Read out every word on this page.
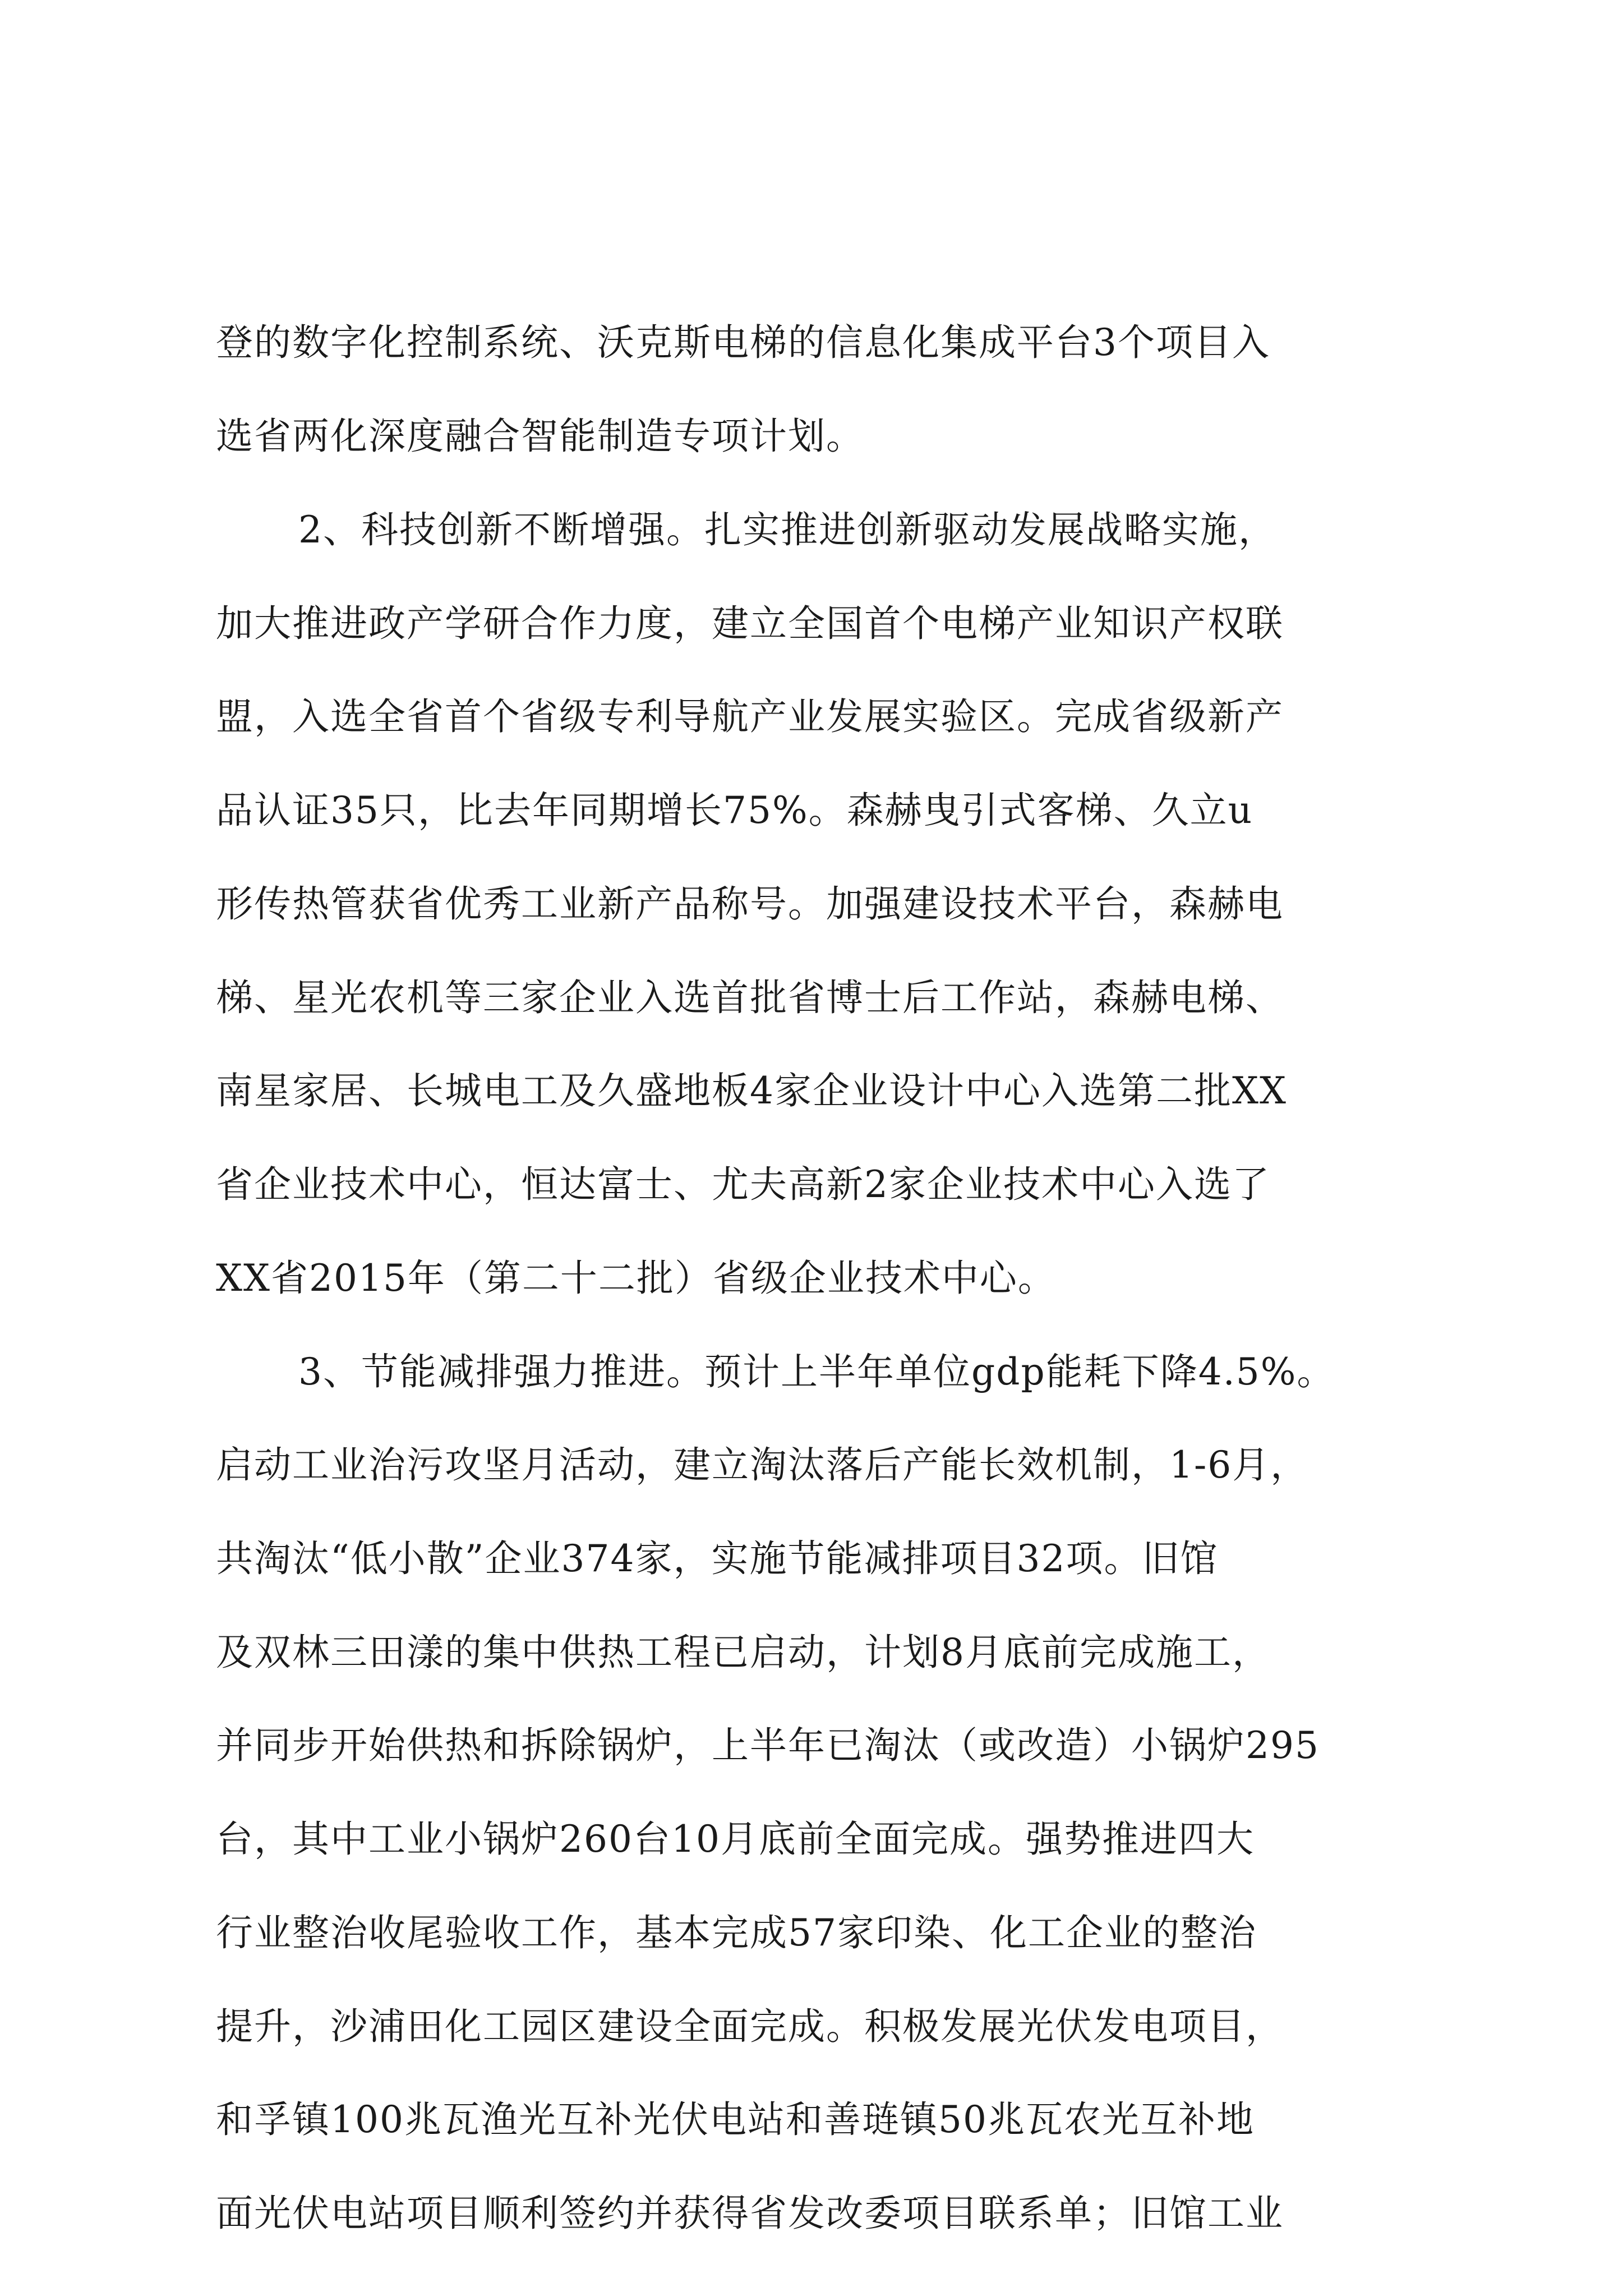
登的数字化控制系统、沃克斯电梯的信息化集成平台3个项目入
选省两化深度融合智能制造专项计划。
2、科技创新不断增强。扎实推进创新驱动发展战略实施，
加大推进政产学研合作力度，建立全国首个电梯产业知识产权联
盟，入选全省首个省级专利导航产业发展实验区。完成省级新产
品认证35只，比去年同期增长75%。森赫曳引式客梯、久立u
形传热管获省优秀工业新产品称号。加强建设技术平台，森赫电
梯、星光农机等三家企业入选首批省博士后工作站，森赫电梯、
南星家居、长城电工及久盛地板4家企业设计中心入选第二批XX
省企业技术中心，恒达富士、尤夫高新2家企业技术中心入选了
XX省2015年（第二十二批）省级企业技术中心。
3、节能减排强力推进。预计上半年单位gdp能耗下降4.5%。
启动工业治污攻坚月活动，建立淘汰落后产能长效机制，1-6月，
共淘汰“低小散”企业374家，实施节能减排项目32项。旧馆
及双林三田漾的集中供热工程已启动，计划8月底前完成施工，
并同步开始供热和拆除锅炉，上半年已淘汰（或改造）小锅炉295
台，其中工业小锅炉260台10月底前全面完成。强势推进四大
行业整治收尾验收工作，基本完成57家印染、化工企业的整治
提升，沙浦田化工园区建设全面完成。积极发展光伏发电项目，
和孚镇100兆瓦渔光互补光伏电站和善琏镇50兆瓦农光互补地
面光伏电站项目顺利签约并获得省发改委项目联系单；旧馆工业
